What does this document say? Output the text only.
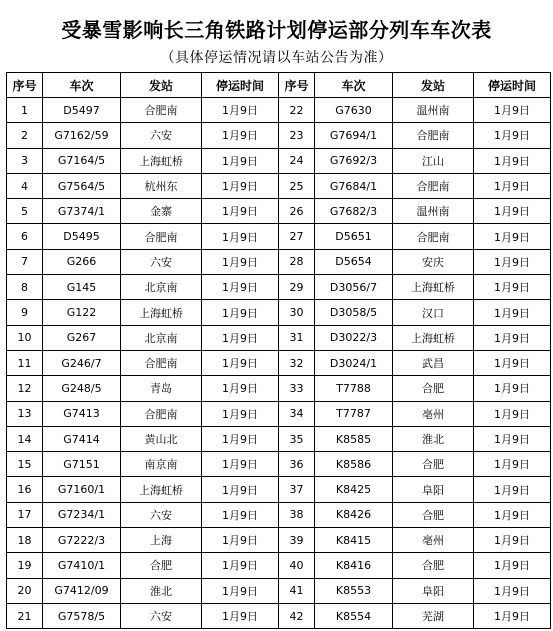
受暴雪影响长三角铁路计划停运部分列车车次表
（具体停运情况请以车站公告为准）
序号	车次	发站	停运时间	序号	车次	发站	停运时间
1	D5497	合肥南	1月9日	22	G7630	温州南	1月9日
2	G7162/59	六安	1月9日	23	G7694/1	合肥南	1月9日
3	G7164/5	上海虹桥	1月9日	24	G7692/3	江山	1月9日
4	G7564/5	杭州东	1月9日	25	G7684/1	合肥南	1月9日
5	G7374/1	金寨	1月9日	26	G7682/3	温州南	1月9日
6	D5495	合肥南	1月9日	27	D5651	合肥南	1月9日
7	G266	六安	1月9日	28	D5654	安庆	1月9日
8	G145	北京南	1月9日	29	D3056/7	上海虹桥	1月9日
9	G122	上海虹桥	1月9日	30	D3058/5	汉口	1月9日
10	G267	北京南	1月9日	31	D3022/3	上海虹桥	1月9日
11	G246/7	合肥南	1月9日	32	D3024/1	武昌	1月9日
12	G248/5	青岛	1月9日	33	T7788	合肥	1月9日
13	G7413	合肥南	1月9日	34	T7787	亳州	1月9日
14	G7414	黄山北	1月9日	35	K8585	淮北	1月9日
15	G7151	南京南	1月9日	36	K8586	合肥	1月9日
16	G7160/1	上海虹桥	1月9日	37	K8425	阜阳	1月9日
17	G7234/1	六安	1月9日	38	K8426	合肥	1月9日
18	G7222/3	上海	1月9日	39	K8415	亳州	1月9日
19	G7410/1	合肥	1月9日	40	K8416	合肥	1月9日
20	G7412/09	淮北	1月9日	41	K8553	阜阳	1月9日
21	G7578/5	六安	1月9日	42	K8554	芜湖	1月9日
